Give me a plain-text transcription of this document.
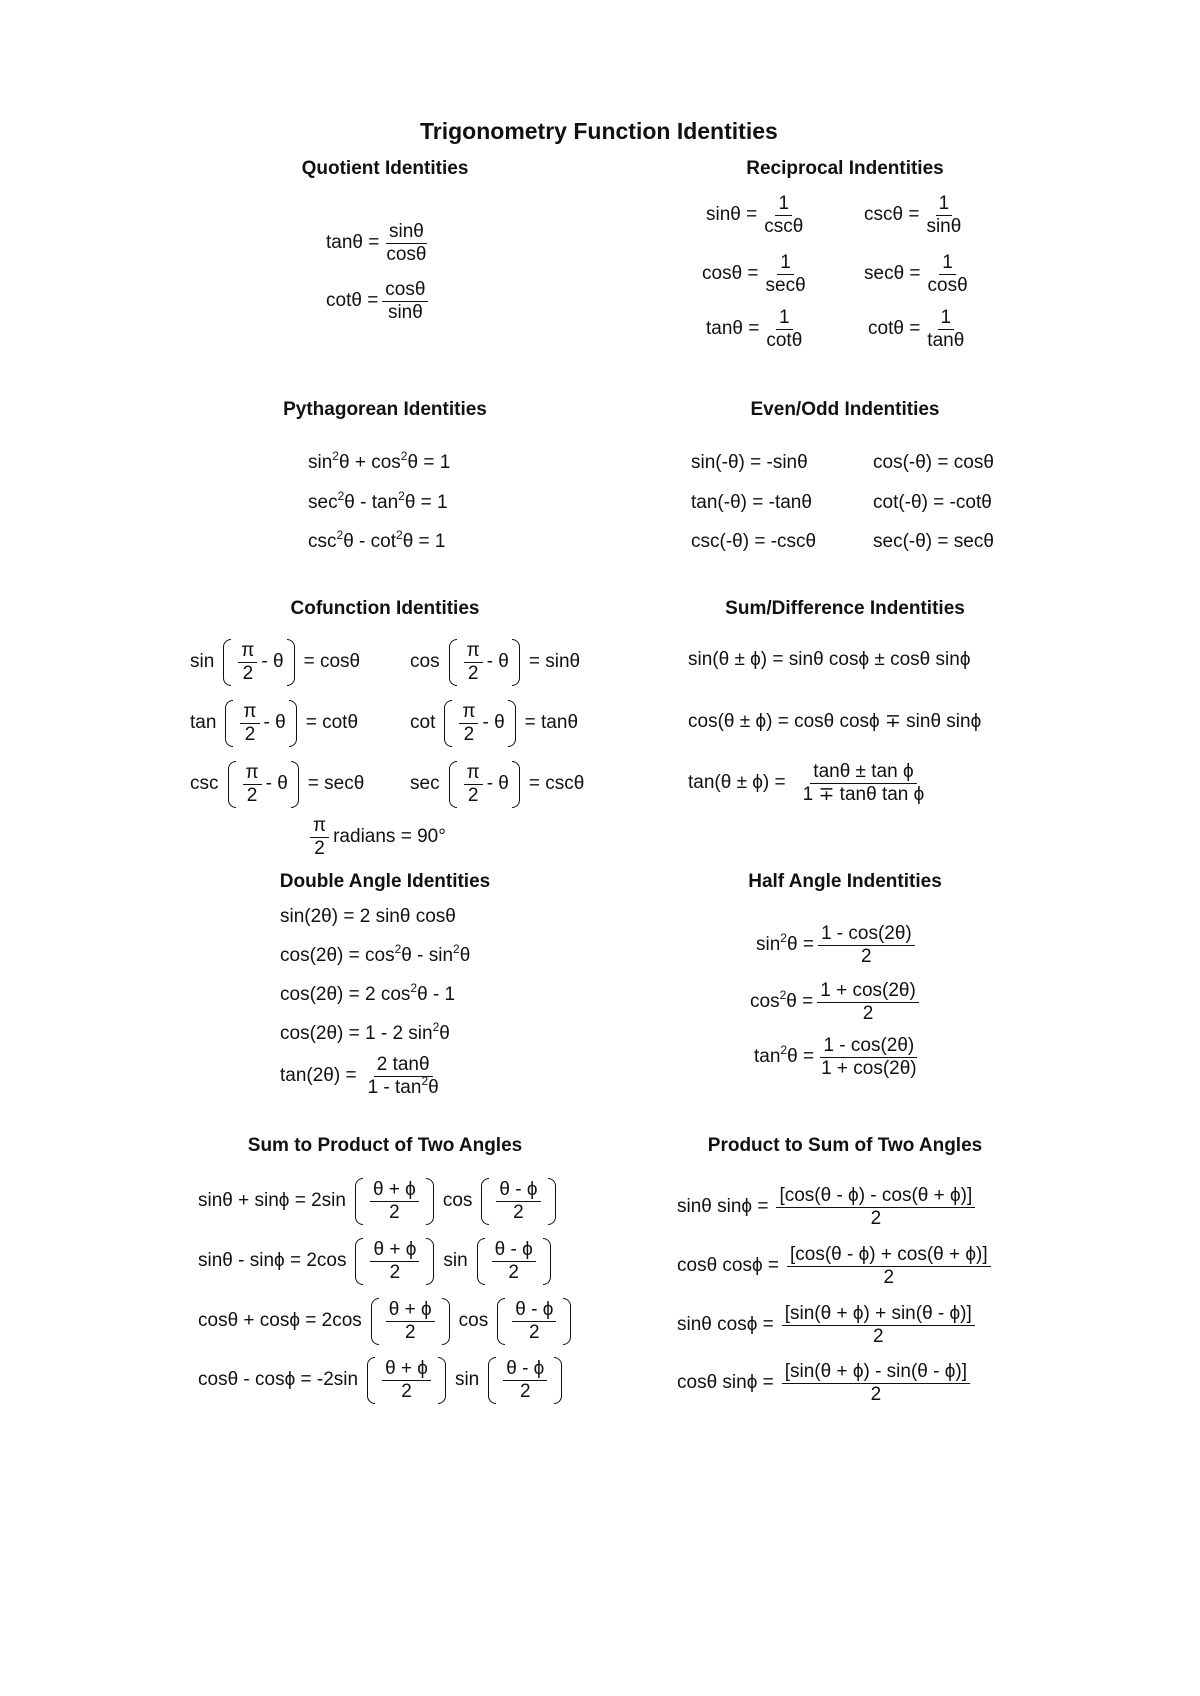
Trigonometry Function Identities
Quotient Identities	Reciprocal Indentities
Pythagorean Identities	Even/Odd Indentities
Cofunction Identities	Sum/Difference Indentities
Double Angle Identities	Half Angle Indentities
Sum to Product of Two Angles	Product to Sum of Two Angles
$\tan\theta = \frac{\sin\theta}{\cos\theta}$
$\cot\theta = \frac{\cos\theta}{\sin\theta}$
$\sin\theta = \frac{1}{\csc\theta}$	$\csc\theta = \frac{1}{\sin\theta}$
$\cos\theta = \frac{1}{\sec\theta}$	$\sec\theta = \frac{1}{\cos\theta}$
$\tan\theta = \frac{1}{\cot\theta}$	$\cot\theta = \frac{1}{\tan\theta}$
$\sin^2\theta + \cos^2\theta = 1$
$\sec^2\theta - \tan^2\theta = 1$
$\csc^2\theta - \cot^2\theta = 1$
sin(-θ) = -sinθ	cos(-θ) = cosθ
tan(-θ) = -tanθ	cot(-θ) = -cotθ
csc(-θ) = -cscθ	sec(-θ) = secθ
$\sin \frac{\pi}{2} - \theta = \cos\theta$	$\cos \frac{\pi}{2} - \theta = \sin\theta$
$\tan \frac{\pi}{2} - \theta = \cot\theta$	$\cot \frac{\pi}{2} - \theta = \tan\theta$
$\csc \frac{\pi}{2} - \theta = \sec\theta$ $\sec \frac{\pi}{2} - \theta = \csc\theta$
$\frac{\pi}{2}$ radians = 90°
sin(θ ± ϕ) = sinθ cosϕ ± cosθ sinϕ
cos(θ ± ϕ) = cosθ cosϕ ∓ sinθ sinϕ
$\tan(\theta \pm \phi) = \frac{\text{tanθ ± tan ϕ}}{\text{1 ∓ tanθ tan ϕ}}$
sin(2θ) = 2 sinθ cosθ
$\cos(2\theta) = \cos^2\theta - \sin^2\theta$
cos(2θ) = 2 $\cos^2\theta - 1$
cos(2θ) = 1 - 2 $\sin^2\theta$
$\tan(2\theta) = \frac{2 \tan\theta}{1 - \tan^2\theta}$
$\sin^2\theta = \frac{1 - \cos(2\theta)}{2}$
$\cos^2\theta = \frac{1 + \cos(2\theta)}{2}$
$\tan^2\theta = \frac{1 - \cos(2\theta)}{1 + \cos(2\theta)}$
$\sin\theta + \sin\phi = 2\sin \frac{\theta + \phi}{2}$ $\cos \frac{\theta - \phi}{2}$
$\sin\theta - \sin\phi = 2\cos \frac{\theta + \phi}{2}$ $\sin \frac{\theta - \phi}{2}$
$\cos\theta + \cos\phi = 2\cos \frac{\theta + \phi}{2}$ $\cos \frac{\theta - \phi}{2}$
$\cos\theta - \cos\phi = -2\sin \frac{\theta + \phi}{2}$ $\sin \frac{\theta - \phi}{2}$
sinθ $\sin\phi = \frac{[\cos(\theta - \phi) - \cos(\theta + \phi)]}{2}$
cosθ $\cos\phi = \frac{[\cos(\theta - \phi) + \cos(\theta + \phi)]}{2}$
sinθ $\cos\phi = \frac{[\sin(\theta + \phi) + \sin(\theta - \phi)]}{2}$
cosθ $\sin\phi = \frac{[\sin(\theta + \phi) - \sin(\theta - \phi)]}{2}$
